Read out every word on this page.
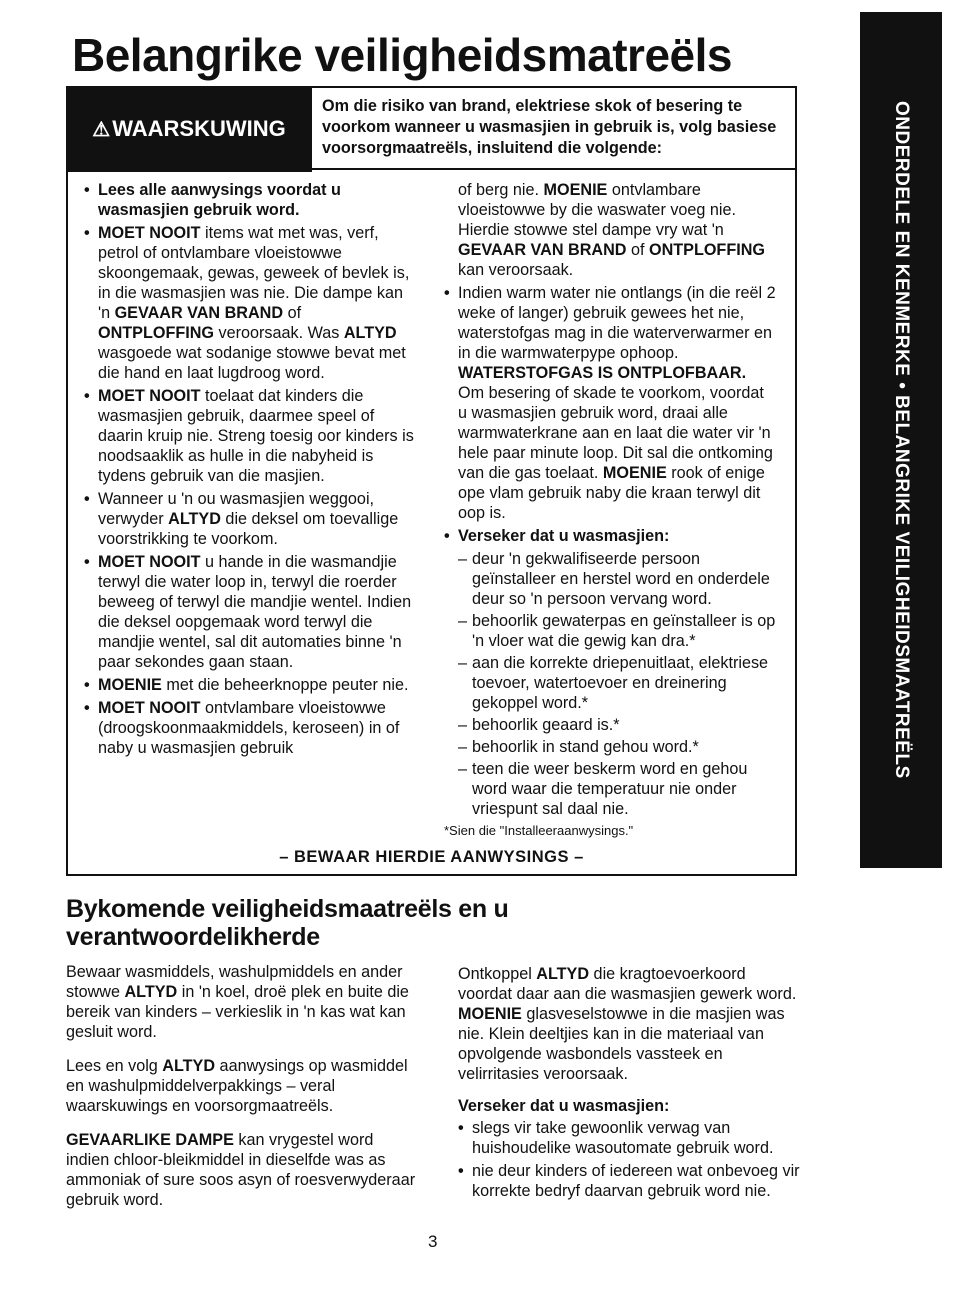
Belangrike veiligheidsmatreëls
ONDERDELE EN KENMERKE • BELANGRIKE VEILIGHEIDSMAATREËLS
⚠ WAARSKUWING

Om die risiko van brand, elektriese skok of besering te voorkom wanneer u wasmasjien in gebruik is, volg basiese voorsorgmaatreëls, insluitend die volgende:

• Lees alle aanwysings voordat u wasmasjien gebruik word.

• MOET NOOIT items wat met was, verf, petrol of ontvlambare vloeistowwe skoongemaak, gewas, geweek of bevlek is, in die wasmasjien was nie. Die dampe kan 'n GEVAAR VAN BRAND of ONTPLOFFING veroorsaak. Was ALTYD wasgoede wat sodanige stowwe bevat met die hand en laat lugdroog word.

• MOET NOOIT toelaat dat kinders die wasmasjien gebruik, daarmee speel of daarin kruip nie. Streng toesig oor kinders is noodsaaklik as hulle in die nabyheid is tydens gebruik van die masjien.

• Wanneer u 'n ou wasmasjien weggooi, verwyder ALTYD die deksel om toevallige voorstrikking te voorkom.

• MOET NOOIT u hande in die wasmandjie terwyl die water loop in, terwyl die roerder beweeg of terwyl die mandjie wentel. Indien die deksel oopgemaak word terwyl die mandjie wentel, sal dit automaties binne 'n paar sekondes gaan staan.

• MOENIE met die beheerknoppe peuter nie.

• MOET NOOIT ontvlambare vloeistowwe (droogskoonmaakmiddels, keroseen) in of naby u wasmasjien gebruik

of berg nie. MOENIE ontvlambare vloeistowwe by die waswater voeg nie. Hierdie stowwe stel dampe vry wat 'n GEVAAR VAN BRAND of ONTPLOFFING kan veroorsaak.

• Indien warm water nie ontlangs (in die reël 2 weke of langer) gebruik gewees het nie, waterstofgas mag in die waterverwarmer en in die warmwaterpype ophoop. WATERSTOFGAS IS ONTPLOFBAAR. Om besering of skade te voorkom, voordat u wasmasjien gebruik word, draai alle warmwaterkrane aan en laat die water vir 'n hele paar minute loop. Dit sal die ontkoming van die gas toelaat. MOENIE rook of enige ope vlam gebruik naby die kraan terwyl dit oop is.

• Verseker dat u wasmasjien:

– deur 'n gekwalifiseerde persoon geïnstalleer en herstel word en onderdele deur so 'n persoon vervang word.

– behoorlik gewaterpas en geïnstalleer is op 'n vloer wat die gewig kan dra.*

– aan die korrekte driepenuitlaat, elektriese toevoer, watertoevoer en dreinering gekoppel word.*

– behoorlik geaard is.*

– behoorlik in stand gehou word.*

– teen die weer beskerm word en gehou word waar die temperatuur nie onder vriespunt sal daal nie.

*Sien die "Installeeraanwysings."
– BEWAAR HIERDIE AANWYSINGS –
Bykomende veiligheidsmaatreëls en u verantwoordelikherde

Bewaar wasmiddels, washulpmiddels en ander stowwe ALTYD in 'n koel, droë plek en buite die bereik van kinders – verkieslik in 'n kas wat kan gesluit word.

Lees en volg ALTYD aanwysings op wasmiddel en washulpmiddelverpakkings – veral waarskuwings en voorsorgmaatreëls.

GEVAARLIKE DAMPE kan vrygestel word indien chloor-bleikmiddel in dieselfde was as ammoniak of sure soos asyn of roesverwyderaar gebruik word.

Ontkoppel ALTYD die kragtoevoerkoord voordat daar aan die wasmasjien gewerk word. MOENIE glasveselstowwe in die masjien was nie. Klein deeltjies kan in die materiaal van opvolgende wasbondels vassteek en velirritasies veroorsaak.

Verseker dat u wasmasjien:

• slegs vir take gewoonlik verwag van huishoudelike wasoutomate gebruik word.

• nie deur kinders of iedereen wat onbevoeg vir korrekte bedryf daarvan gebruik word nie.

3
